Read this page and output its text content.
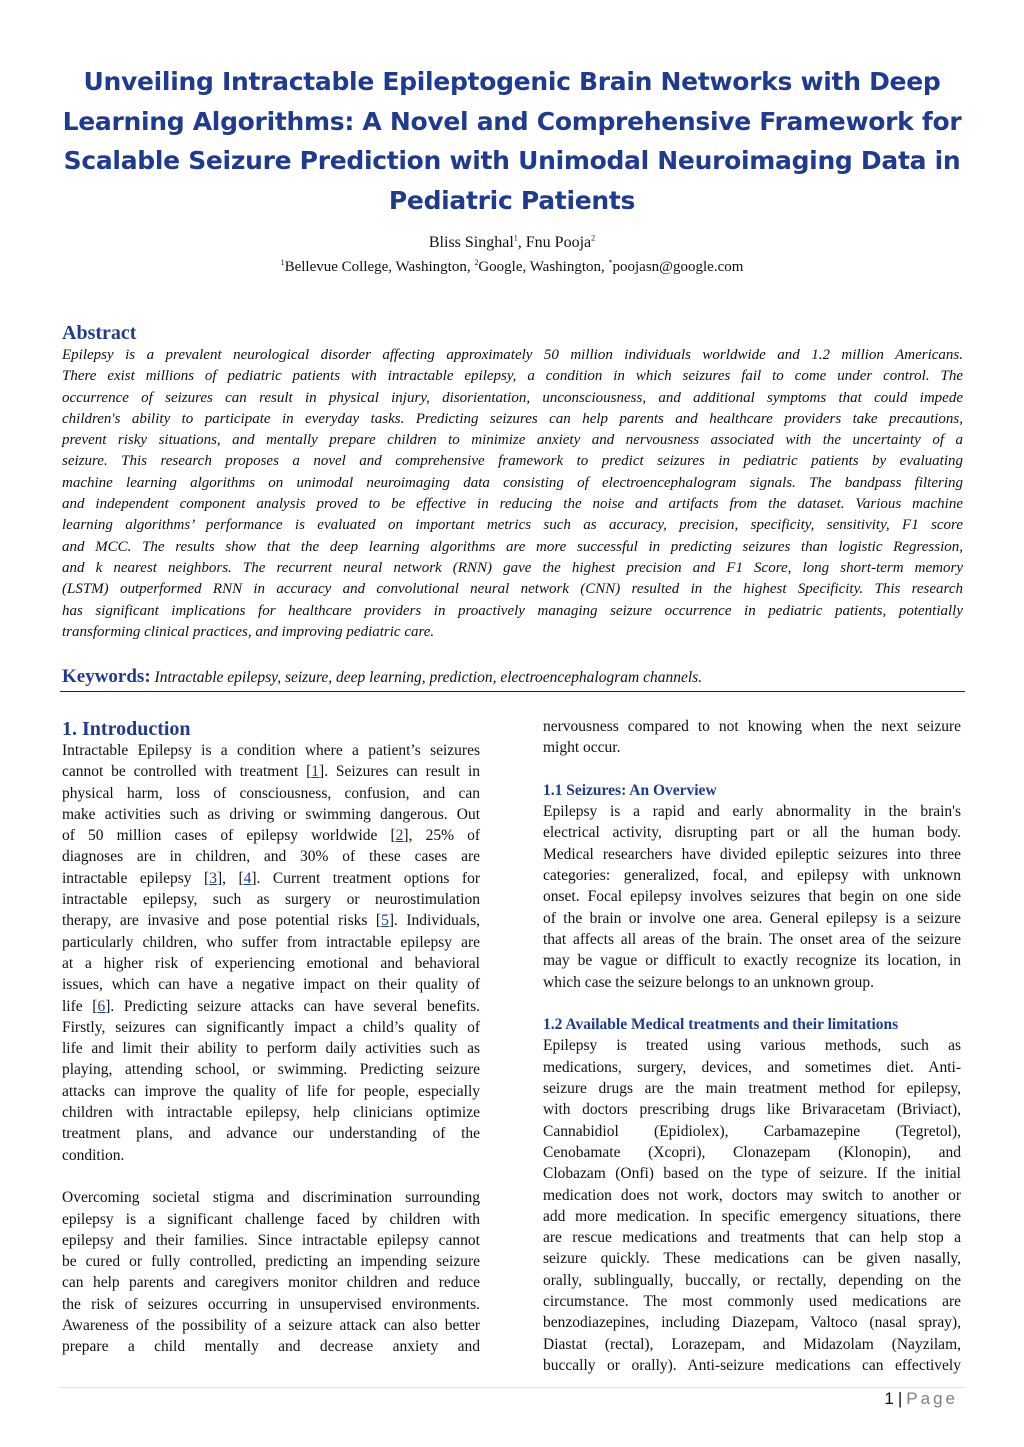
Unveiling Intractable Epileptogenic Brain Networks with Deep
Learning Algorithms: A Novel and Comprehensive Framework for
Scalable Seizure Prediction with Unimodal Neuroimaging Data in
Pediatric Patients
Bliss Singhal$^1$, Fnu Pooja$^2$
$^1$Bellevue College, Washington, $^2$Google, Washington, *poojasn@google.com
Abstract
Epilepsy is a prevalent neurological disorder affecting approximately 50 million individuals worldwide and 1.2 million Americans.
There exist millions of pediatric patients with intractable epilepsy, a condition in which seizures fail to come under control. The
occurrence of seizures can result in physical injury, disorientation, unconsciousness, and additional symptoms that could impede
children's ability to participate in everyday tasks. Predicting seizures can help parents and healthcare providers take precautions,
prevent risky situations, and mentally prepare children to minimize anxiety and nervousness associated with the uncertainty of a
seizure. This research proposes a novel and comprehensive framework to predict seizures in pediatric patients by evaluating
machine learning algorithms on unimodal neuroimaging data consisting of electroencephalogram signals. The bandpass filtering
and independent component analysis proved to be effective in reducing the noise and artifacts from the dataset. Various machine
learning algorithms’ performance is evaluated on important metrics such as accuracy, precision, specificity, sensitivity, F1 score
and MCC. The results show that the deep learning algorithms are more successful in predicting seizures than logistic Regression,
and k nearest neighbors. The recurrent neural network (RNN) gave the highest precision and F1 Score, long short-term memory
(LSTM) outperformed RNN in accuracy and convolutional neural network (CNN) resulted in the highest Specificity. This research
has significant implications for healthcare providers in proactively managing seizure occurrence in pediatric patients, potentially
transforming clinical practices, and improving pediatric care.
Keywords: Intractable epilepsy, seizure, deep learning, prediction, electroencephalogram channels.
1. Introduction
Intractable Epilepsy is a condition where a patient’s seizures
cannot be controlled with treatment [1]. Seizures can result in
physical harm, loss of consciousness, confusion, and can
make activities such as driving or swimming dangerous. Out
of 50 million cases of epilepsy worldwide [2], 25% of
diagnoses are in children, and 30% of these cases are
intractable epilepsy [3], [4]. Current treatment options for
intractable epilepsy, such as surgery or neurostimulation
therapy, are invasive and pose potential risks [5]. Individuals,
particularly children, who suffer from intractable epilepsy are
at a higher risk of experiencing emotional and behavioral
issues, which can have a negative impact on their quality of
life [6]. Predicting seizure attacks can have several benefits.
Firstly, seizures can significantly impact a child’s quality of
life and limit their ability to perform daily activities such as
playing, attending school, or swimming. Predicting seizure
attacks can improve the quality of life for people, especially
children with intractable epilepsy, help clinicians optimize
treatment plans, and advance our understanding of the
condition.
Overcoming societal stigma and discrimination surrounding
epilepsy is a significant challenge faced by children with
epilepsy and their families. Since intractable epilepsy cannot
be cured or fully controlled, predicting an impending seizure
can help parents and caregivers monitor children and reduce
the risk of seizures occurring in unsupervised environments.
Awareness of the possibility of a seizure attack can also better
prepare a child mentally and decrease anxiety and
nervousness compared to not knowing when the next seizure
might occur.
1.1 Seizures: An Overview
Epilepsy is a rapid and early abnormality in the brain's
electrical activity, disrupting part or all the human body.
Medical researchers have divided epileptic seizures into three
categories: generalized, focal, and epilepsy with unknown
onset. Focal epilepsy involves seizures that begin on one side
of the brain or involve one area. General epilepsy is a seizure
that affects all areas of the brain. The onset area of the seizure
may be vague or difficult to exactly recognize its location, in
which case the seizure belongs to an unknown group.
1.2 Available Medical treatments and their limitations
Epilepsy is treated using various methods, such as
medications, surgery, devices, and sometimes diet. Anti-
seizure drugs are the main treatment method for epilepsy,
with doctors prescribing drugs like Brivaracetam (Briviact),
Cannabidiol (Epidiolex), Carbamazepine (Tegretol),
Cenobamate (Xcopri), Clonazepam (Klonopin), and
Clobazam (Onfi) based on the type of seizure. If the initial
medication does not work, doctors may switch to another or
add more medication. In specific emergency situations, there
are rescue medications and treatments that can help stop a
seizure quickly. These medications can be given nasally,
orally, sublingually, buccally, or rectally, depending on the
circumstance. The most commonly used medications are
benzodiazepines, including Diazepam, Valtoco (nasal spray),
Diastat (rectal), Lorazepam, and Midazolam (Nayzilam,
buccally or orally). Anti-seizure medications can effectively
1 | Page
